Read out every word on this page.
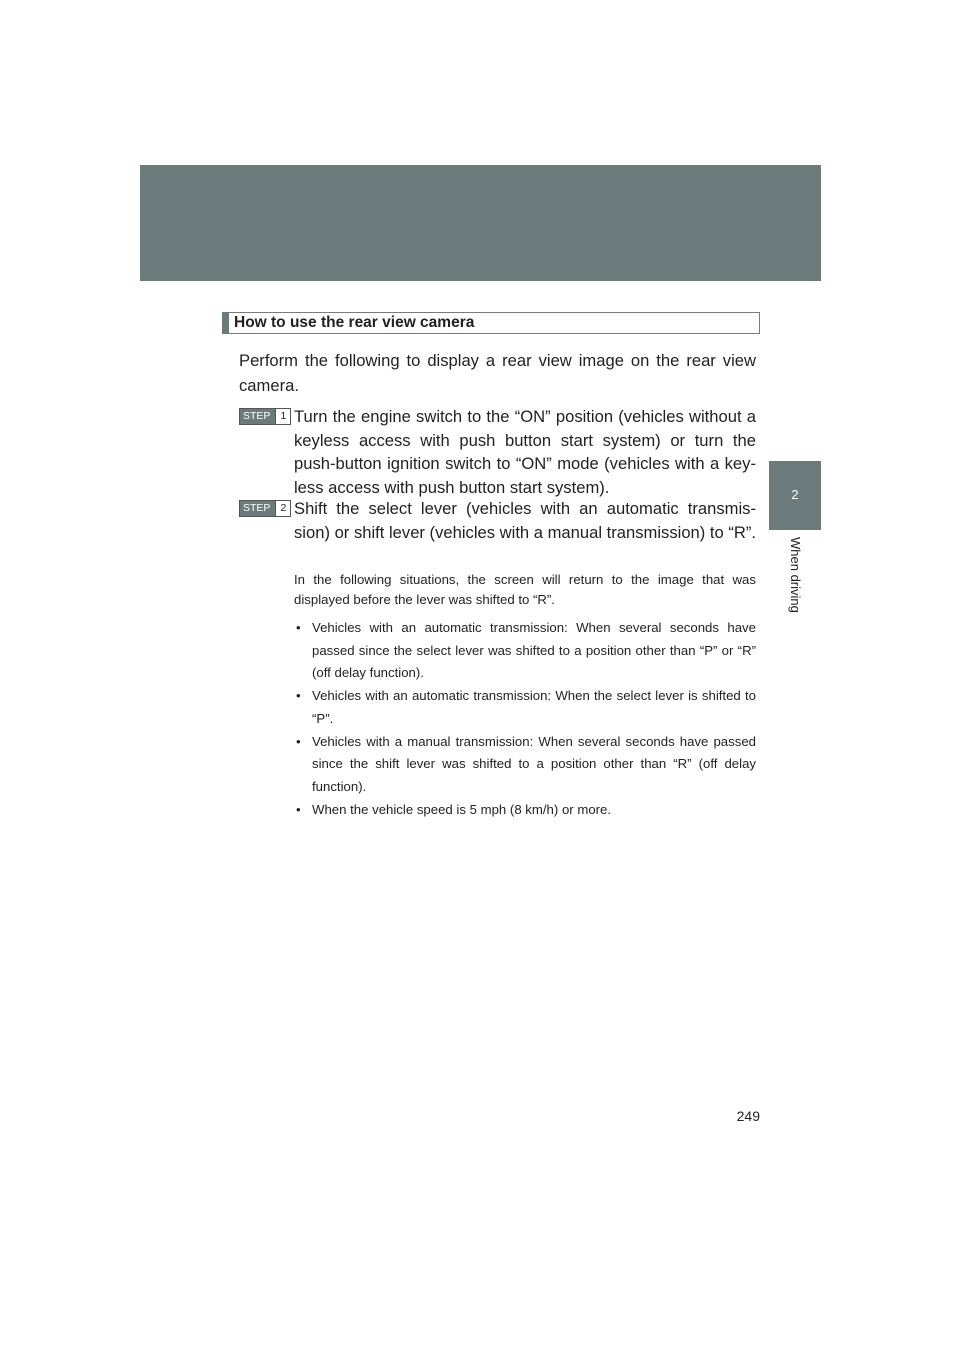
2-4. Using other driving systems
2
When driving
How to use the rear view camera
Perform the following to display a rear view image on the rear view camera.
STEP 1 Turn the engine switch to the “ON” position (vehicles without a keyless access with push button start system) or turn the push-button ignition switch to “ON” mode (vehicles with a key-less access with push button start system).
STEP 2 Shift the select lever (vehicles with an automatic transmis-sion) or shift lever (vehicles with a manual transmission) to “R”.
In the following situations, the screen will return to the image that was displayed before the lever was shifted to “R”.
• Vehicles with an automatic transmission: When several seconds have passed since the select lever was shifted to a position other than “P” or “R” (off delay function).
• Vehicles with an automatic transmission: When the select lever is shifted to “P”.
• Vehicles with a manual transmission: When several seconds have passed since the shift lever was shifted to a position other than “R” (off delay function).
• When the vehicle speed is 5 mph (8 km/h) or more.
249
